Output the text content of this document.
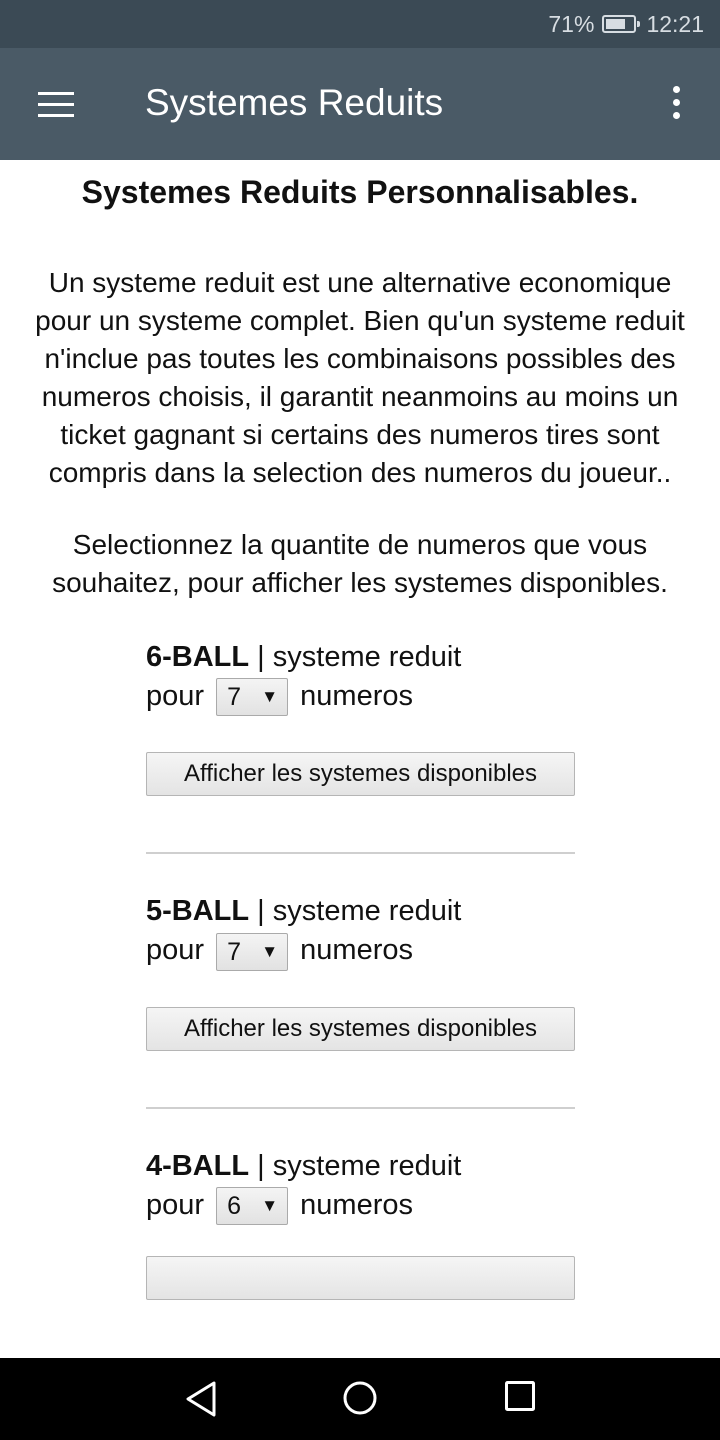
71% 12:21
Systemes Reduits
Systemes Reduits Personnalisables.

Un systeme reduit est une alternative economique pour un systeme complet. Bien qu'un systeme reduit n'inclue pas toutes les combinaisons possibles des numeros choisis, il garantit neanmoins au moins un ticket gagnant si certains des numeros tires sont compris dans la selection des numeros du joueur..

Selectionnez la quantite de numeros que vous souhaitez, pour afficher les systemes disponibles.

6-BALL | systeme reduit
pour 7 ▼ numeros
Afficher les systemes disponibles
5-BALL | systeme reduit
pour 7 ▼ numeros
Afficher les systemes disponibles
4-BALL | systeme reduit
pour 6 ▼ numeros
